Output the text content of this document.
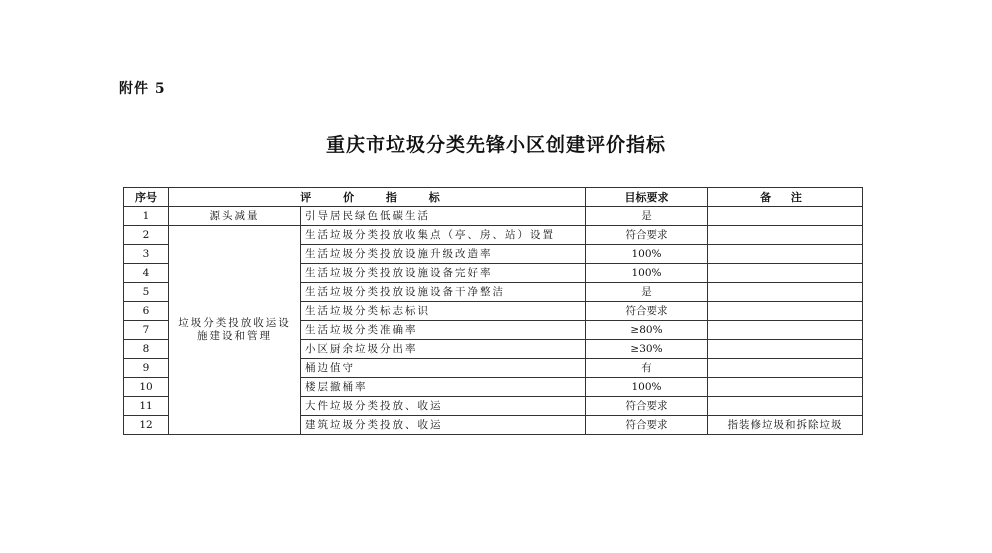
附件 5
重庆市垃圾分类先锋小区创建评价指标
序号	评 价 指 标		目标要求	备 注
1	源头减量	引导居民绿色低碳生活	是	
2	垃圾分类投放收运设施建设和管理	生活垃圾分类投放收集点（亭、房、站）设置	符合要求	
3		生活垃圾分类投放设施升级改造率	100%	
4		生活垃圾分类投放设施设备完好率	100%	
5		生活垃圾分类投放设施设备干净整洁	是	
6		生活垃圾分类标志标识	符合要求	
7		生活垃圾分类准确率	≥80%	
8		小区厨余垃圾分出率	≥30%	
9		桶边值守	有	
10		楼层撤桶率	100%	
11		大件垃圾分类投放、收运	符合要求	
12		建筑垃圾分类投放、收运	符合要求	指装修垃圾和拆除垃圾
